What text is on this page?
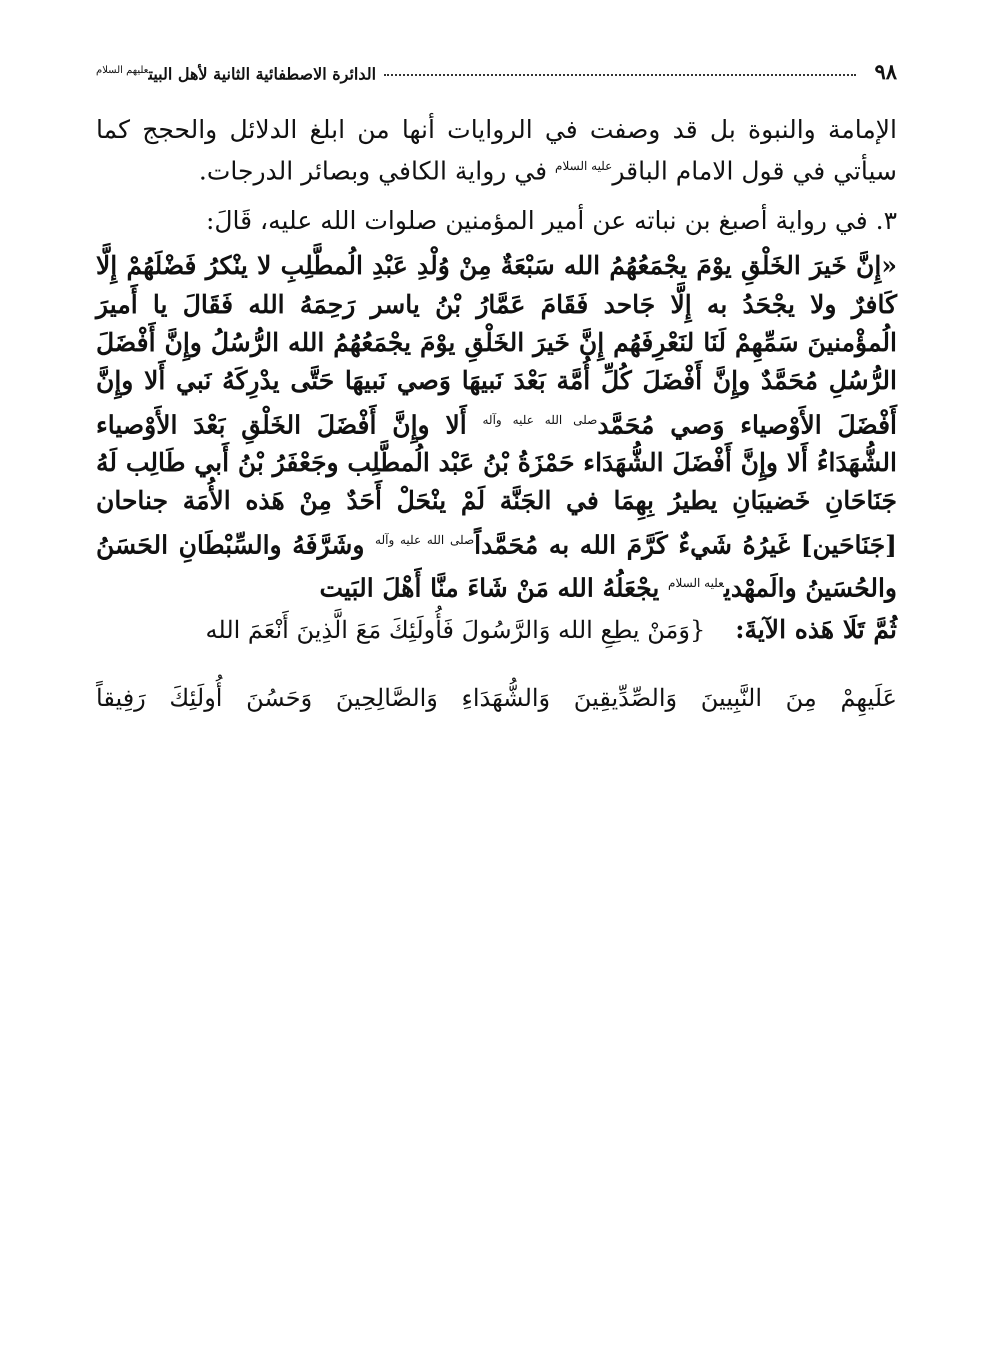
٩٨
الدائرة الاصطفائية الثانية لأهل البيت$^{عليهم السلام}$

الإمامة والنبوة بل قد وصفت في الروايات أنها من ابلغ الدلائل والحجج كما سيأتي في قول الامام الباقر$^{عليه السلام}$ في رواية الكافي وبصائر الدرجات.

٣. في رواية أصبغ بن نباته عن أمير المؤمنين صلوات الله عليه، قَالَ:

«إِنَّ خَيرَ الخَلْقِ يوْمَ يجْمَعُهُمُ الله سَبْعَةٌ مِنْ وُلْدِ عَبْدِ الُمطَّلِبِ لا ينْكرُ فَضْلَهُمْ إِلَّا كَافرٌ ولا يجْحَدُ به إِلَّا جَاحد فَقَامَ عَمَّارُ بْنُ ياسر رَحِمَهُ الله فَقَالَ يا أَميرَ الُمؤْمنينَ سَمِّهِمْ لَنَا لنَعْرِفَهُم إِنَّ خَيرَ الخَلْقِ يوْمَ يجْمَعُهُمُ الله الرُّسُلُ وإِنَّ أَفْضَلَ الرُّسُلِ مُحَمَّدٌ وإِنَّ أَفْضَلَ كُلِّ أُمَّة بَعْدَ نَبيهَا وَصي نَبيهَا حَتَّى يدْرِكَهُ نَبي أَلا وإِنَّ أَفْضَلَ الأَوْصياء وَصي مُحَمَّد$^{صلى الله عليه وآله}$ أَلا وإِنَّ أَفْضَلَ الخَلْقِ بَعْدَ الأَوْصياء الشُّهَدَاءُ أَلا وإِنَّ أَفْضَلَ الشُّهَدَاء حَمْزَةُ بْنُ عَبْد الُمطَّلِب وجَعْفَرُ بْنُ أَبي طَالِب لَهُ جَنَاحَانِ خَضيبَانِ يطيرُ بِهِمَا في الجَنَّة لَمْ ينْحَلْ أَحَدٌ مِنْ هَذه الأُمَة جناحان [جَنَاحَين] غَيرُهُ شَيءٌ كَرَّمَ الله به مُحَمَّداً$^{صلى الله عليه وآله}$ وشَرَّفَهُ والسِّبْطَانِ الحَسَنُ والحُسَينُ والَمهْدي$^{عليه السلام}$ يجْعَلُهُ الله مَنْ شَاءَ منَّا أَهْلَ البَيت

ثُمَّ تَلَا هَذه الآيةَ:{وَمَنْ يطِعِ الله وَالرَّسُولَ فَأُولَئِكَ مَعَ الَّذِينَ أَنْعَمَ الله

عَلَيهِمْ مِنَ النَّبِيينَ وَالصِّدِّيقِينَ وَالشُّهَدَاءِ وَالصَّالِحِينَ وَحَسُنَ أُولَئِكَ رَفِيقاً
